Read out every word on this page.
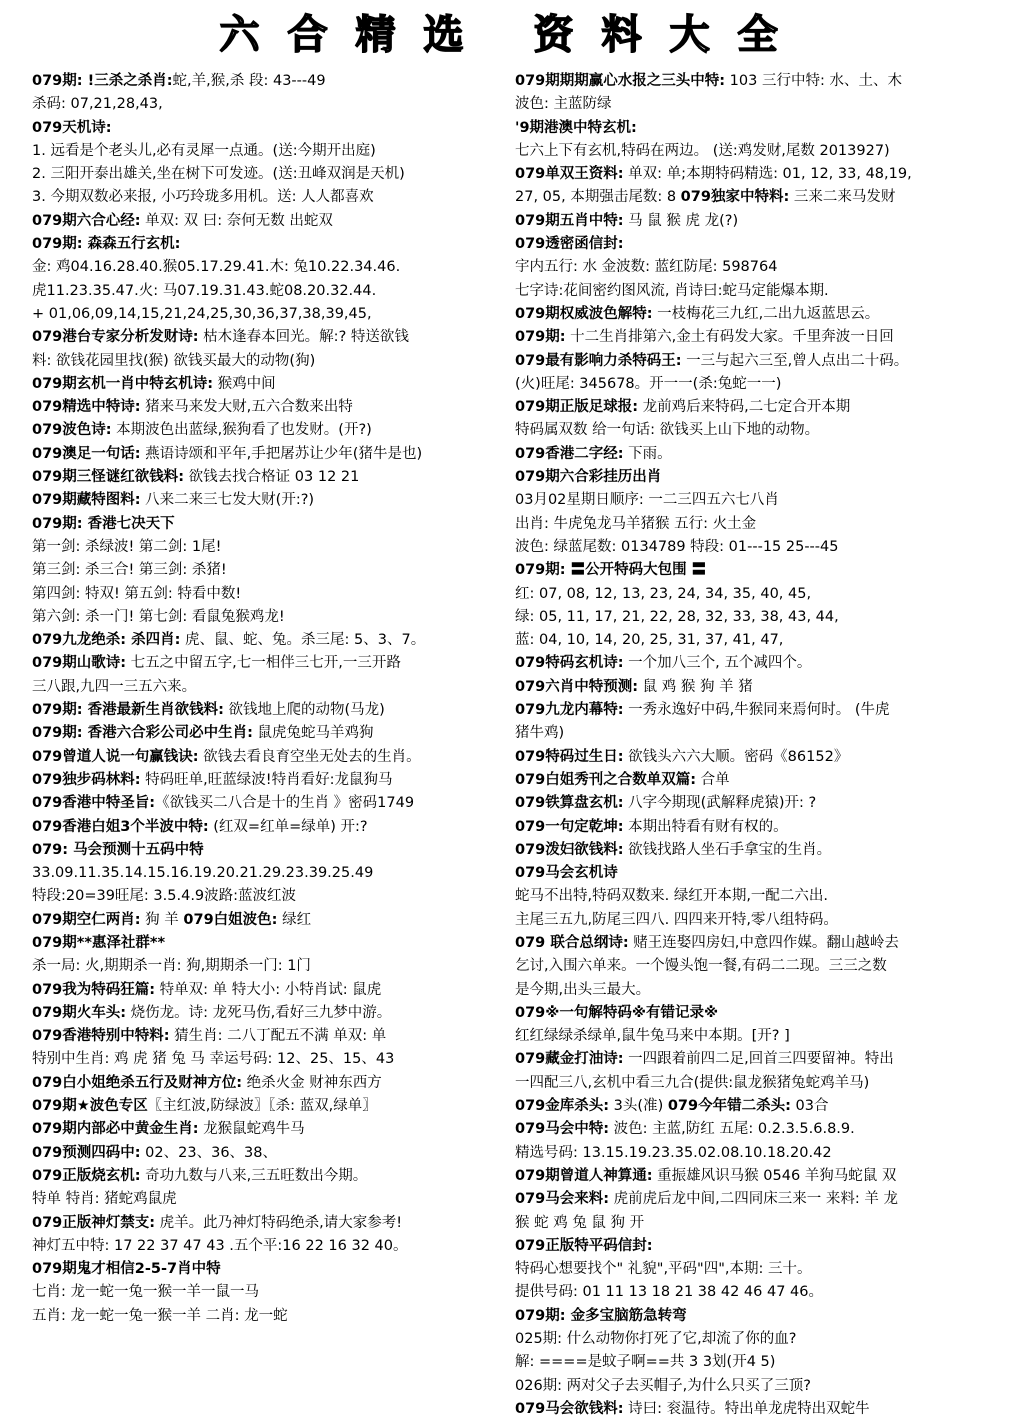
六合精选 资料大全
079期: !三杀之杀肖:蛇,羊,猴,杀 段: 43---49
杀码: 07,21,28,43,
079天机诗:
1. 远看是个老头儿,必有灵犀一点通。(送:今期开出庭)
2. 三阳开泰出雄关,坐在树下可发迹。(送:丑峰双润是天机)
3. 今期双数必来报, 小巧玲珑多用机。送: 人人都喜欢
079期六合心经: 单双: 双 曰: 奈何无数 出蛇双
079期: 森森五行玄机:
金: 鸡04.16.28.40.猴05.17.29.41.木: 兔10.22.34.46.
虎11.23.35.47.火: 马07.19.31.43.蛇08.20.32.44.
+ 01,06,09,14,15,21,24,25,30,36,37,38,39,45,
079港台专家分析发财诗: 枯木逢春本回光。解:? 特送欲钱
料: 欲钱花园里找(猴) 欲钱买最大的动物(狗)
079期玄机一肖中特玄机诗: 猴鸡中间
079精选中特诗: 猪来马来发大财,五六合数来出特
079波色诗: 本期波色出蓝绿,猴狗看了也发财。(开?)
079澳足一句话: 燕语诗颂和平年,手把屠苏让少年(猪牛是也)
079期三怪谜红欲钱料: 欲钱去找合格证 03 12 21
079期藏特图料: 八来二来三七发大财(开:?)
079期: 香港七决天下
第一剑: 杀绿波! 第二剑: 1尾!
第三剑: 杀三合! 第三剑: 杀猪!
第四剑: 特双! 第五剑: 特看中数!
第六剑: 杀一门! 第七剑: 看鼠兔猴鸡龙!
079九龙绝杀: 杀四肖: 虎、鼠、蛇、兔。杀三尾: 5、3、7。
079期山歌诗: 七五之中留五字,七一相伴三七开,一三开路
三八跟,九四一三五六来。
079期: 香港最新生肖欲钱料: 欲钱地上爬的动物(马龙)
079期: 香港六合彩公司必中生肖: 鼠虎兔蛇马羊鸡狗
079曾道人说一句赢钱诀: 欲钱去看良育空坐无处去的生肖。
079独步码林料: 特码旺单,旺蓝绿波!特肖看好:龙鼠狗马
079香港中特圣旨:《欲钱买二八合是十的生肖 》密码1749
079香港白姐3个半波中特: (红双=红单=绿单) 开:?
079: 马会预测十五码中特
33.09.11.35.14.15.16.19.20.21.29.23.39.25.49
特段:20=39旺尾: 3.5.4.9波路:蓝波红波
079期空仁两肖: 狗 羊 079白姐波色: 绿红
079期**惠泽社群**
杀一局: 火,期期杀一肖: 狗,期期杀一门: 1门
079我为特码狂篇: 特单双: 单 特大小: 小特肖试: 鼠虎
079期火车头: 烧伤龙。诗: 龙死马伤,看好三九梦中游。
079香港特别中特料: 猜生肖: 二八丁配五不满 单双: 单
特别中生肖: 鸡 虎 猪 兔 马 幸运号码: 12、25、15、43
079白小姐绝杀五行及财神方位: 绝杀火金 财神东西方
079期★波色专区〖主红波,防绿波〗〖杀: 蓝双,绿单〗
079期内部必中黄金生肖: 龙猴鼠蛇鸡牛马
079预测四码中: 02、23、36、38、
079正版烧玄机: 奇功九数与八来,三五旺数出今期。
特单 特肖: 猪蛇鸡鼠虎
079正版神灯禁支: 虎羊。此乃神灯特码绝杀,请大家参考!
神灯五中特: 17 22 37 47 43 .五个平:16 22 16 32 40。
079期鬼才相信2-5-7肖中特
七肖: 龙一蛇一兔一猴一羊一鼠一马
五肖: 龙一蛇一兔一猴一羊 二肖: 龙一蛇
079期期期赢心水报之三头中特: 103 三行中特: 水、土、木
波色: 主蓝防绿
'9期港澳中特玄机:
七六上下有玄机,特码在两边。 (送:鸡发财,尾数 2013927)
079单双王资料: 单双: 单;本期特码精选: 01, 12, 33, 48,19,
27, 05, 本期强击尾数: 8 079独家中特料: 三来二来马发财
079期五肖中特: 马 鼠 猴 虎 龙(?)
079透密函信封:
宇内五行: 水 金波数: 蓝红防尾: 598764
七字诗:花间密约图风流, 肖诗曰:蛇马定能爆本期.
079期权威波色解特: 一枝梅花三九红,二出九返蓝思云。
079期: 十二生肖排第六,金土有码发大家。千里奔波一日回
079最有影响力杀特码王: 一三与起六三至,曾人点出二十码。
(火)旺尾: 345678。开一一(杀:兔蛇一一)
079期正版足球报: 龙前鸡后来特码,二七定合开本期
特码属双数 给一句话: 欲钱买上山下地的动物。
079香港二字经: 下雨。
079期六合彩挂历出肖
03月02星期日顺序: 一二三四五六七八肖
出肖: 牛虎兔龙马羊猪猴 五行: 火土金
波色: 绿蓝尾数: 0134789 特段: 01---15 25---45
079期: 〓公开特码大包围 〓
红: 07, 08, 12, 13, 23, 24, 34, 35, 40, 45,
绿: 05, 11, 17, 21, 22, 28, 32, 33, 38, 43, 44,
蓝: 04, 10, 14, 20, 25, 31, 37, 41, 47,
079特码玄机诗: 一个加八三个, 五个减四个。
079六肖中特预测: 鼠 鸡 猴 狗 羊 猪
079九龙内幕特: 一秀永逸好中码,牛猴同来焉何时。 (牛虎
猪牛鸡)
079特码过生日: 欲钱头六六大顺。密码《86152》
079白姐秀刊之合数单双篇: 合单
079铁算盘玄机: 八字今期现(武解释虎猿)开: ?
079一句定乾坤: 本期出特看有财有权的。
079泼妇欲钱料: 欲钱找路人坐石手拿宝的生肖。
079马会玄机诗
蛇马不出特,特码双数来. 绿红开本期,一配二六出.
主尾三五九,防尾三四八. 四四来开特,零八组特码。
079 联合总纲诗: 赌王连娶四房妇,中意四作媒。翻山越岭去
乞讨,入围六单来。一个馒头饱一餐,有码二二现。三三之数
是今期,出头三最大。
079※一句解特码※有错记录※
红红绿绿杀绿单,鼠牛兔马来中本期。[开? ]
079藏金打油诗: 一四跟着前四二足,回首三四要留神。特出
一四配三八,玄机中看三九合(提供:鼠龙猴猪兔蛇鸡羊马)
079金库杀头: 3头(准) 079今年错二杀头: 03合
079马会中特: 波色: 主蓝,防红 五尾: 0.2.3.5.6.8.9.
精选号码: 13.15.19.23.35.02.08.10.18.20.42
079期曾道人神算通: 重振雄风识马猴 0546 羊狗马蛇鼠 双
079马会来料: 虎前虎后龙中间,二四同床三来一 来料: 羊 龙
猴 蛇 鸡 兔 鼠 狗 开
079正版特平码信封:
特码心想要找个" 礼貌",平码"四",本期: 三十。
提供号码: 01 11 13 18 21 38 42 46 47 46。
079期: 金多宝脑筋急转弯
025期: 什么动物你打死了它,却流了你的血?
解: ====是蚊子啊==共 3 3划(开4 5)
026期: 两对父子去买帽子,为什么只买了三顶?
079马会欲钱料: 诗曰: 衮温待。特出单龙虎特出双蛇牛
